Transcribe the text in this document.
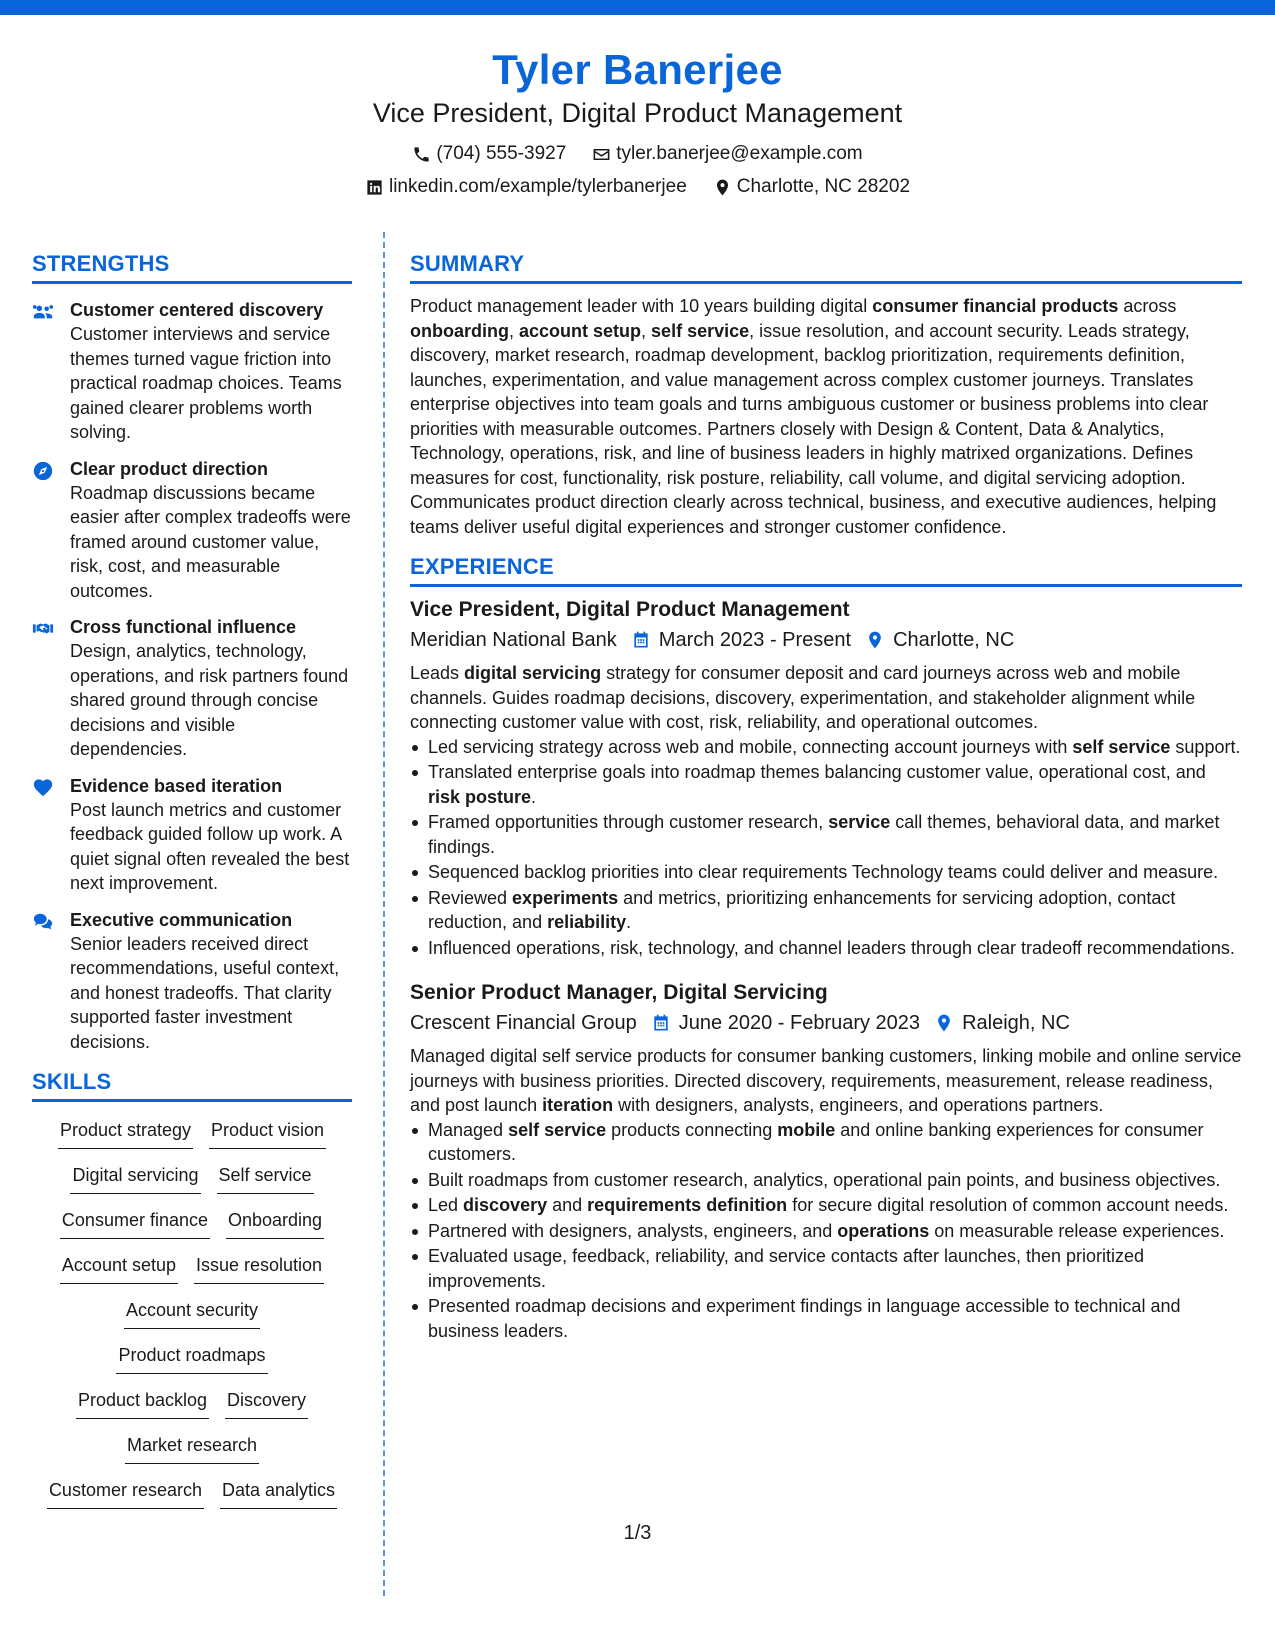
Tyler Banerjee
Vice President, Digital Product Management
(704) 555-3927	tyler.banerjee@example.com
linkedin.com/example/tylerbanerjee	Charlotte, NC 28202
STRENGTHS
Customer centered discovery
Customer interviews and service themes turned vague friction into practical roadmap choices. Teams gained clearer problems worth solving.
Clear product direction
Roadmap discussions became easier after complex tradeoffs were framed around customer value, risk, cost, and measurable outcomes.
Cross functional influence
Design, analytics, technology, operations, and risk partners found shared ground through concise decisions and visible dependencies.
Evidence based iteration
Post launch metrics and customer feedback guided follow up work. A quiet signal often revealed the best next improvement.
Executive communication
Senior leaders received direct recommendations, useful context, and honest tradeoffs. That clarity supported faster investment decisions.
SKILLS
Product strategy Product vision
Digital servicing Self service
Consumer finance Onboarding
Account setup Issue resolution
Account security
Product roadmaps
Product backlog Discovery
Market research
Customer research Data analytics
SUMMARY
Product management leader with 10 years building digital consumer financial products across onboarding, account setup, self service, issue resolution, and account security. Leads strategy, discovery, market research, roadmap development, backlog prioritization, requirements definition, launches, experimentation, and value management across complex customer journeys. Translates enterprise objectives into team goals and turns ambiguous customer or business problems into clear priorities with measurable outcomes. Partners closely with Design & Content, Data & Analytics, Technology, operations, risk, and line of business leaders in highly matrixed organizations. Defines measures for cost, functionality, risk posture, reliability, call volume, and digital servicing adoption. Communicates product direction clearly across technical, business, and executive audiences, helping teams deliver useful digital experiences and stronger customer confidence.
EXPERIENCE
Vice President, Digital Product Management
Meridian National Bank March 2023 - Present Charlotte, NC
Leads digital servicing strategy for consumer deposit and card journeys across web and mobile channels. Guides roadmap decisions, discovery, experimentation, and stakeholder alignment while connecting customer value with cost, risk, reliability, and operational outcomes.
Led servicing strategy across web and mobile, connecting account journeys with self service support.
Translated enterprise goals into roadmap themes balancing customer value, operational cost, and risk posture.
Framed opportunities through customer research, service call themes, behavioral data, and market findings.
Sequenced backlog priorities into clear requirements Technology teams could deliver and measure.
Reviewed experiments and metrics, prioritizing enhancements for servicing adoption, contact reduction, and reliability.
Influenced operations, risk, technology, and channel leaders through clear tradeoff recommendations.
Senior Product Manager, Digital Servicing
Crescent Financial Group June 2020 - February 2023 Raleigh, NC
Managed digital self service products for consumer banking customers, linking mobile and online service journeys with business priorities. Directed discovery, requirements, measurement, release readiness, and post launch iteration with designers, analysts, engineers, and operations partners.
Managed self service products connecting mobile and online banking experiences for consumer customers.
Built roadmaps from customer research, analytics, operational pain points, and business objectives.
Led discovery and requirements definition for secure digital resolution of common account needs.
Partnered with designers, analysts, engineers, and operations on measurable release experiences.
Evaluated usage, feedback, reliability, and service contacts after launches, then prioritized improvements.
Presented roadmap decisions and experiment findings in language accessible to technical and business leaders.
1/3
